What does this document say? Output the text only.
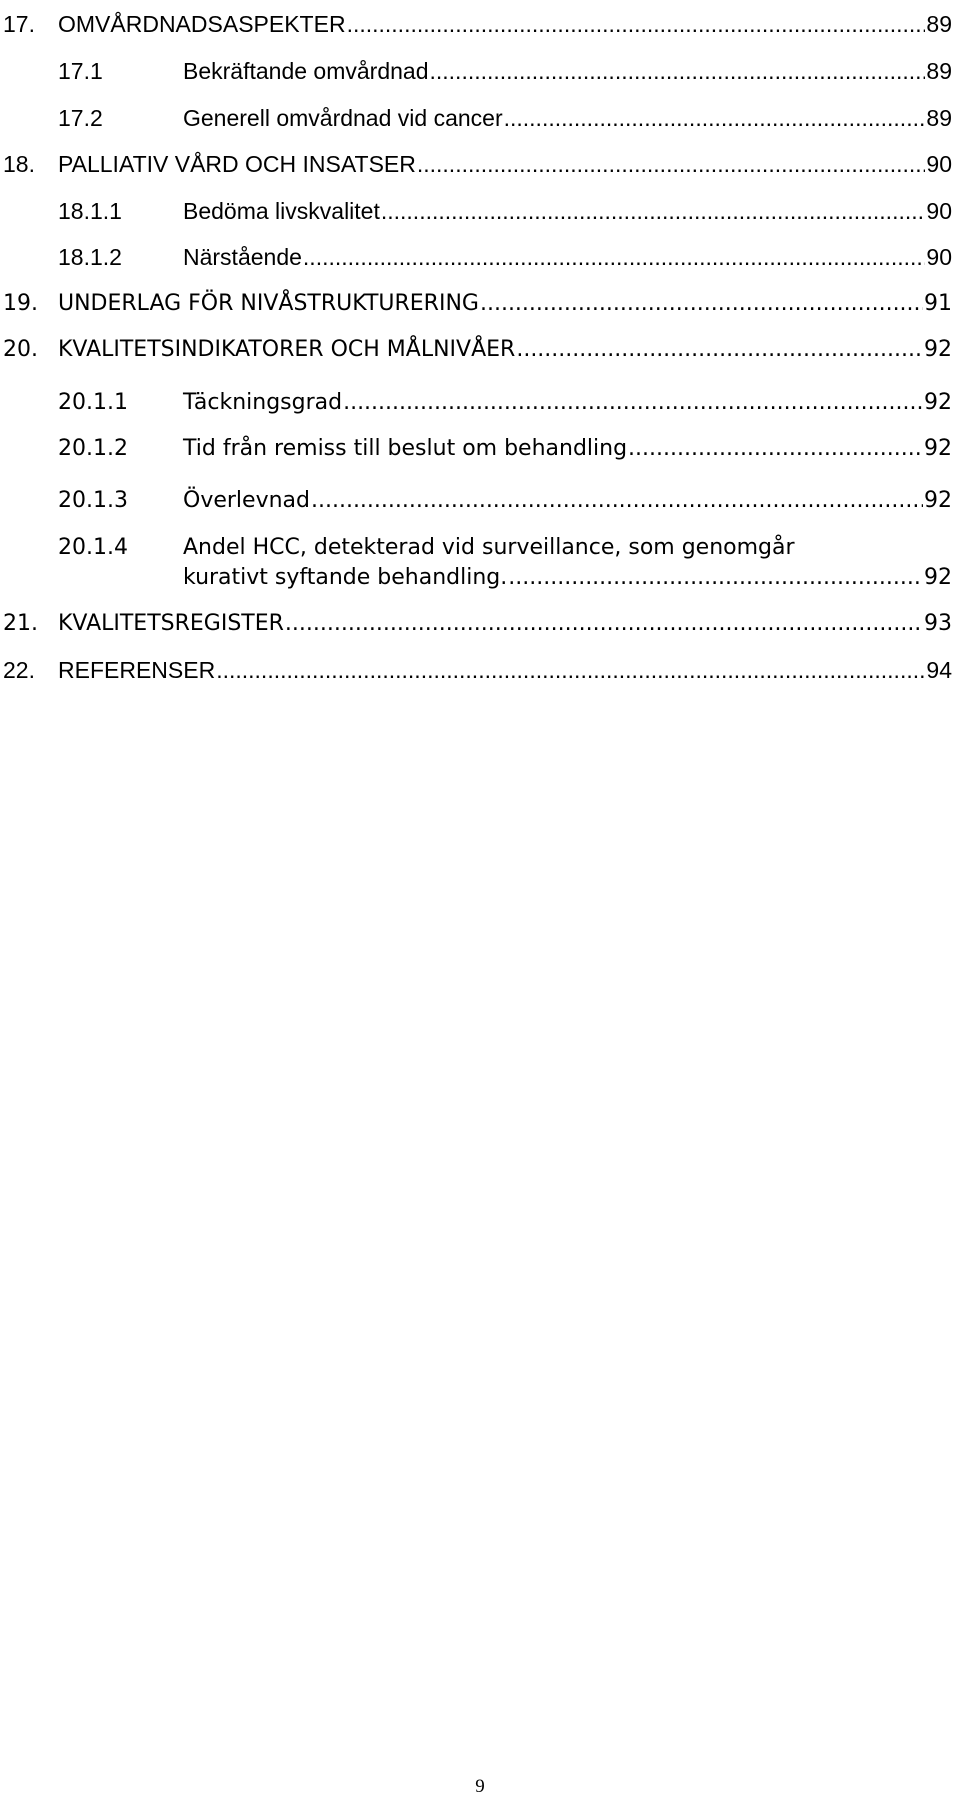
17. OMVÅRDNADSASPEKTER .....	89
17.1	Bekräftande omvårdnad .....	89
17.2	Generell omvårdnad vid cancer .....	89
18. PALLIATIV VÅRD OCH INSATSER .....	90
18.1.1	Bedöma livskvalitet .....	90
18.1.2	Närstående .....	90
19. UNDERLAG FÖR NIVÅSTRUKTURERING .....	91
20. KVALITETSINDIKATORER OCH MÅLNIVÅER .....	92
20.1.1	Täckningsgrad .....	92
20.1.2	Tid från remiss till beslut om behandling .....	92
20.1.3	Överlevnad .....	92
20.1.4	Andel HCC, detekterad vid surveillance, som genomgår
kurativt syftande behandling. .....	92
21. KVALITETSREGISTER .....	93
22. REFERENSER .....	94
9
